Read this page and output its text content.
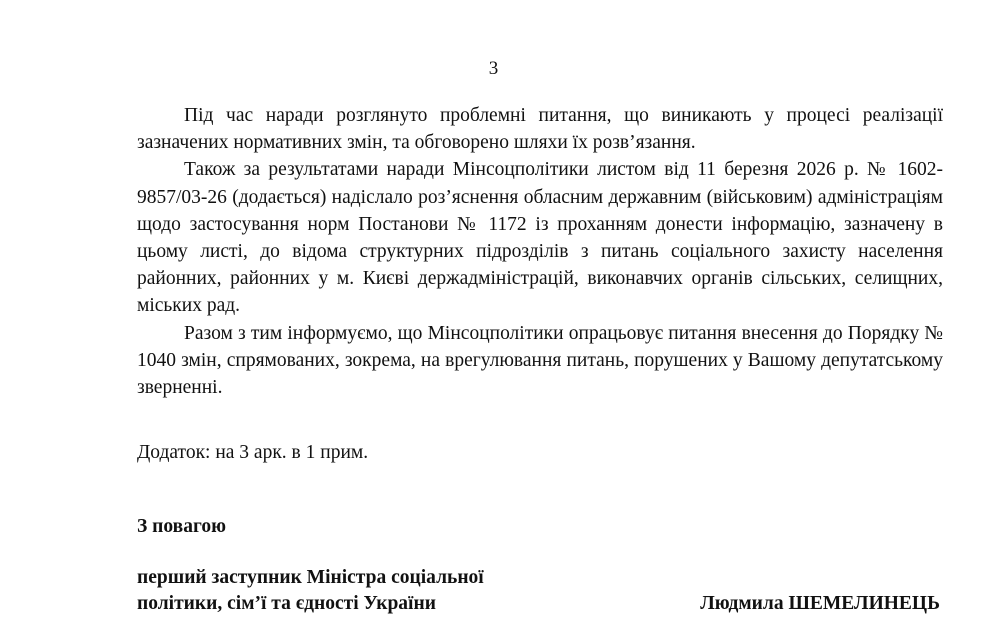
3

Під час наради розглянуто проблемні питання, що виникають у процесі реалізації зазначених нормативних змін, та обговорено шляхи їх розв’язання.

Також за результатами наради Мінсоцполітики листом від 11 березня 2026 р. № 1602-9857/03-26 (додається) надіслало роз’яснення обласним державним (військовим) адміністраціям щодо застосування норм Постанови № 1172 із проханням донести інформацію, зазначену в цьому листі, до відома структурних підрозділів з питань соціального захисту населення районних, районних у м. Києві держадміністрацій, виконавчих органів сільських, селищних, міських рад.

Разом з тим інформуємо, що Мінсоцполітики опрацьовує питання внесення до Порядку № 1040 змін, спрямованих, зокрема, на врегулювання питань, порушених у Вашому депутатському зверненні.

Додаток: на 3 арк. в 1 прим.
З повагою
перший заступник Міністра соціальної
політики, сім’ї та єдності України	Людмила ШЕМЕЛИНЕЦЬ
